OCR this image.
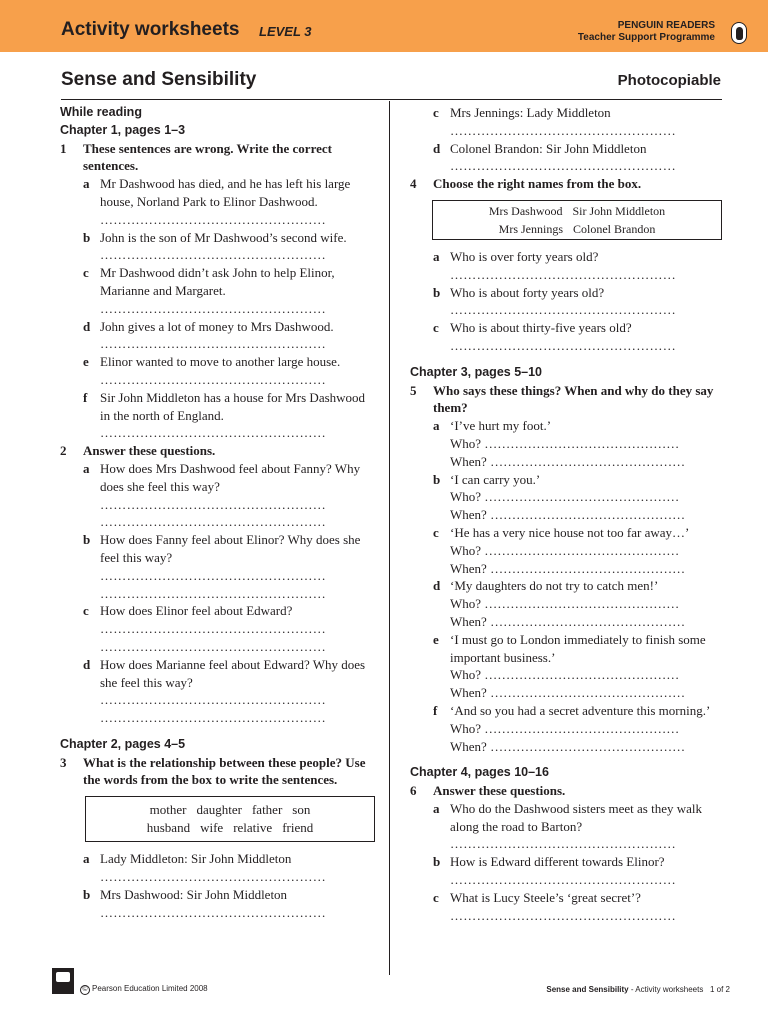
Activity worksheets LEVEL 3	PENGUIN READERS
Teacher Support Programme
Sense and Sensibility	Photocopiable
While reading
Chapter 1, pages 1–3
1	These sentences are wrong. Write the correct sentences.
a Mr Dashwood has died, and he has left his large house, Norland Park to Elinor Dashwood.
……………………………………………
b John is the son of Mr Dashwood’s second wife.
……………………………………………
c Mr Dashwood didn’t ask John to help Elinor, Marianne and Margaret.
……………………………………………
d John gives a lot of money to Mrs Dashwood.
……………………………………………
e Elinor wanted to move to another large house.
……………………………………………
f Sir John Middleton has a house for Mrs Dashwood in the north of England.
……………………………………………
2	Answer these questions.
a How does Mrs Dashwood feel about Fanny? Why does she feel this way?
……………………………………………
……………………………………………
b How does Fanny feel about Elinor? Why does she feel this way?
……………………………………………
……………………………………………
c How does Elinor feel about Edward?
……………………………………………
……………………………………………
d How does Marianne feel about Edward? Why does she feel this way?
……………………………………………
……………………………………………
Chapter 2, pages 4–5
3	What is the relationship between these people? Use the words from the box to write the sentences.
mother daughter father son
husband wife relative friend
a Lady Middleton: Sir John Middleton
……………………………………………
b Mrs Dashwood: Sir John Middleton
……………………………………………
c Mrs Jennings: Lady Middleton
……………………………………………
d Colonel Brandon: Sir John Middleton
……………………………………………
4	Choose the right names from the box.
Mrs Dashwood Sir John Middleton
Mrs Jennings Colonel Brandon
a Who is over forty years old?
……………………………………………
b Who is about forty years old?
……………………………………………
c Who is about thirty-five years old?
……………………………………………
Chapter 3, pages 5–10
5	Who says these things? When and why do they say them?
a ‘I’ve hurt my foot.’
Who? ………………………………………
When? ………………………………………
b ‘I can carry you.’
Who? ………………………………………
When? ………………………………………
c ‘He has a very nice house not too far away…’
Who? ………………………………………
When? ………………………………………
d ‘My daughters do not try to catch men!’
Who? ………………………………………
When? ………………………………………
e ‘I must go to London immediately to finish some important business.’
Who? ………………………………………
When? ………………………………………
f ‘And so you had a secret adventure this morning.’
Who? ………………………………………
When? ………………………………………
Chapter 4, pages 10–16
6	Answer these questions.
a Who do the Dashwood sisters meet as they walk along the road to Barton?
……………………………………………
b How is Edward different towards Elinor?
……………………………………………
c What is Lucy Steele’s ‘great secret’?
……………………………………………
© Pearson Education Limited 2008	Sense and Sensibility - Activity worksheets 1 of 2
